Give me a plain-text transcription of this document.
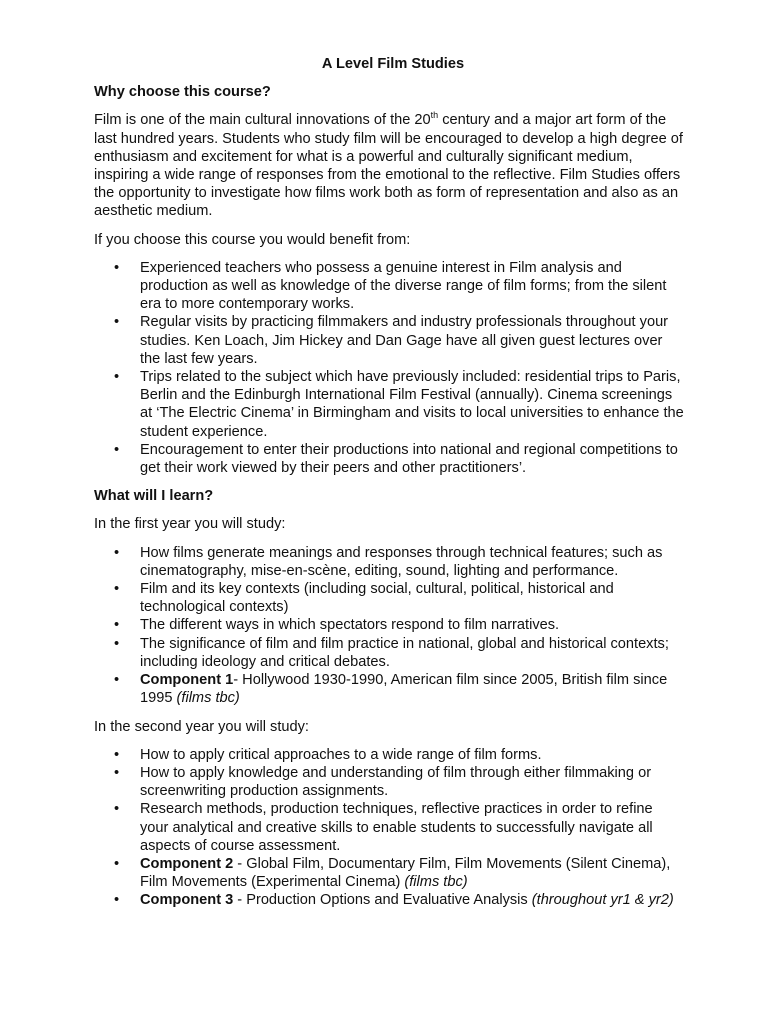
A Level Film Studies
Why choose this course?

Film is one of the main cultural innovations of the 20th century and a major art form of the last hundred years. Students who study film will be encouraged to develop a high degree of enthusiasm and excitement for what is a powerful and culturally significant medium, inspiring a wide range of responses from the emotional to the reflective. Film Studies offers the opportunity to investigate how films work both as form of representation and also as an aesthetic medium.

If you choose this course you would benefit from:

• Experienced teachers who possess a genuine interest in Film analysis and production as well as knowledge of the diverse range of film forms; from the silent era to more contemporary works.
• Regular visits by practicing filmmakers and industry professionals throughout your studies. Ken Loach, Jim Hickey and Dan Gage have all given guest lectures over the last few years.
• Trips related to the subject which have previously included: residential trips to Paris, Berlin and the Edinburgh International Film Festival (annually). Cinema screenings at ‘The Electric Cinema’ in Birmingham and visits to local universities to enhance the student experience.
• Encouragement to enter their productions into national and regional competitions to get their work viewed by their peers and other practitioners’.
What will I learn?

In the first year you will study:

• How films generate meanings and responses through technical features; such as cinematography, mise-en-scène, editing, sound, lighting and performance.
• Film and its key contexts (including social, cultural, political, historical and technological contexts)
• The different ways in which spectators respond to film narratives.
• The significance of film and film practice in national, global and historical contexts; including ideology and critical debates.
• Component 1- Hollywood 1930-1990, American film since 2005, British film since 1995 (films tbc)

In the second year you will study:

• How to apply critical approaches to a wide range of film forms.
• How to apply knowledge and understanding of film through either filmmaking or screenwriting production assignments.
• Research methods, production techniques, reflective practices in order to refine your analytical and creative skills to enable students to successfully navigate all aspects of course assessment.
• Component 2 - Global Film, Documentary Film, Film Movements (Silent Cinema), Film Movements (Experimental Cinema) (films tbc)
• Component 3 - Production Options and Evaluative Analysis (throughout yr1 & yr2)
